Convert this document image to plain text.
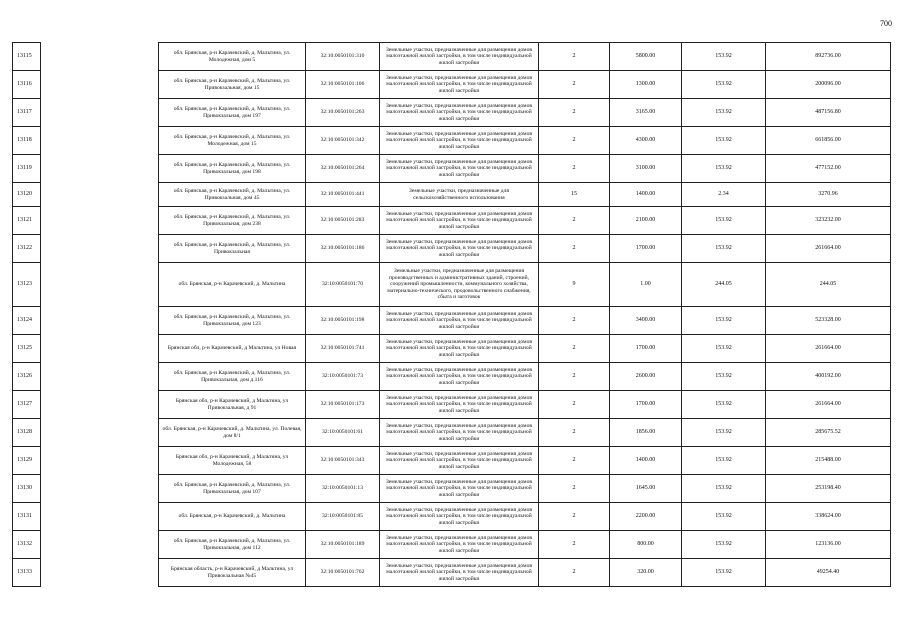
700
13115		обл. Брянская, р-н Карачевский, д. Мальтина, ул. Молодежная, дом 5	32:10:0050101:310	Земельные участки, предназначенные для размещения домов малоэтажной жилой застройки, в том числе индивидуальной жилой застройки	2	5800.00	153.92	892736.00
13116		обл. Брянская, р-н Карачевский, д. Мальтина, ул. Привокзальная, дом 15	32:10:0050101:106	Земельные участки, предназначенные для размещения домов малоэтажной жилой застройки, в том числе индивидуальной жилой застройки	2	1300.00	153.92	200096.00
13117		обл. Брянская, р-н Карачевский, д. Мальтина, ул. Привокзальная, дом 197	32:10:0050101:263	Земельные участки, предназначенные для размещения домов малоэтажной жилой застройки, в том числе индивидуальной жилой застройки	2	3165.00	153.92	487156.80
13118		обл. Брянская, р-н Карачевский, д. Мальтина, ул. Молодежная, дом 15	32:10:0050101:342	Земельные участки, предназначенные для размещения домов малоэтажной жилой застройки, в том числе индивидуальной жилой застройки	2	4300.00	153.92	661856.00
13119		обл. Брянская, р-н Карачевский, д. Мальтина, ул. Привокзальная, дом 198	32:10:0050101:264	Земельные участки, предназначенные для размещения домов малоэтажной жилой застройки, в том числе индивидуальной жилой застройки	2	3100.00	153.92	477152.00
13120		обл. Брянская, р-н Карачевский, д. Мальтина, ул. Привокзальная, дом 45	32:10:0050101:441	Земельные участки, предназначенные для сельскохозяйственного использования	15	1400.00	2.34	3270.96
13121		обл. Брянская, р-н Карачевский, д. Мальтина, ул. Привокзальная, дом 238	32:10:0050101:283	Земельные участки, предназначенные для размещения домов малоэтажной жилой застройки, в том числе индивидуальной жилой застройки	2	2100.00	153.92	323232.00
13122		обл. Брянская, р-н Карачевский, д. Мальтина, ул. Привокзальная	32:10:0050101:186	Земельные участки, предназначенные для размещения домов малоэтажной жилой застройки, в том числе индивидуальной жилой застройки	2	1700.00	153.92	261664.00
13123		обл. Брянская, р-н Карачевский, д. Мальтина	32:10:0050101:70	Земельные участки, предназначенные для размещения производственных и административных зданий, строений, сооружений промышленности, коммунального хозяйства, материально-технического, продовольственного снабжения, сбыта и заготовок	9	1.00	244.05	244.05
13124		обл. Брянская, р-н Карачевский, д. Мальтина, ул. Привокзальная, дом 123	32:10:0050101:198	Земельные участки, предназначенные для размещения домов малоэтажной жилой застройки, в том числе индивидуальной жилой застройки	2	3400.00	153.92	523328.00
13125		Брянская обл, р-н Карачевский, д Мальтина, ул Новая	32:10:0050101:741	Земельные участки, предназначенные для размещения домов малоэтажной жилой застройки, в том числе индивидуальной жилой застройки	2	1700.00	153.92	261664.00
13126		обл. Брянская, р-н Карачевский, д. Мальтина, ул. Привокзальная, дом д.116	32:10:0050101:73	Земельные участки, предназначенные для размещения домов малоэтажной жилой застройки, в том числе индивидуальной жилой застройки	2	2600.00	153.92	400192.00
13127		Брянская обл, р-н Карачевский, д Мальтина, ул Привокзальная, д 91	32:10:0050101:173	Земельные участки, предназначенные для размещения домов малоэтажной жилой застройки, в том числе индивидуальной жилой застройки	2	1700.00	153.92	261664.00
13128		обл. Брянская, р-н Карачевский, д. Мальтина, ул. Полевая, дом 8/1	32:10:0050101:61	Земельные участки, предназначенные для размещения домов малоэтажной жилой застройки, в том числе индивидуальной жилой застройки	2	1856.00	153.92	285675.52
13129		Брянская обл, р-н Карачевский, д Мальтина, ул Молодежная, 58	32:10:0050101:343	Земельные участки, предназначенные для размещения домов малоэтажной жилой застройки, в том числе индивидуальной жилой застройки	2	1400.00	153.92	215488.00
13130		обл. Брянская, р-н Карачевский, д. Мальтина, ул. Привокзальная, дом 107	32:10:0050101:13	Земельные участки, предназначенные для размещения домов малоэтажной жилой застройки, в том числе индивидуальной жилой застройки	2	1645.00	153.92	253198.40
13131		обл. Брянская, р-н Карачевский, д. Мальтина	32:10:0050101:85	Земельные участки, предназначенные для размещения домов малоэтажной жилой застройки, в том числе индивидуальной жилой застройки	2	2200.00	153.92	338624.00
13132		обл. Брянская, р-н Карачевский, д. Мальтина, ул. Привокзальная, дом 112	32:10:0050101:189	Земельные участки, предназначенные для размещения домов малоэтажной жилой застройки, в том числе индивидуальной жилой застройки	2	800.00	153.92	123136.00
13133		Брянская область, р-н Карачевский, д Мальтина, ул Привокзальная №45	32:10:0050101:762	Земельные участки, предназначенные для размещения домов малоэтажной жилой застройки, в том числе индивидуальной жилой застройки	2	320.00	153.92	49254.40
